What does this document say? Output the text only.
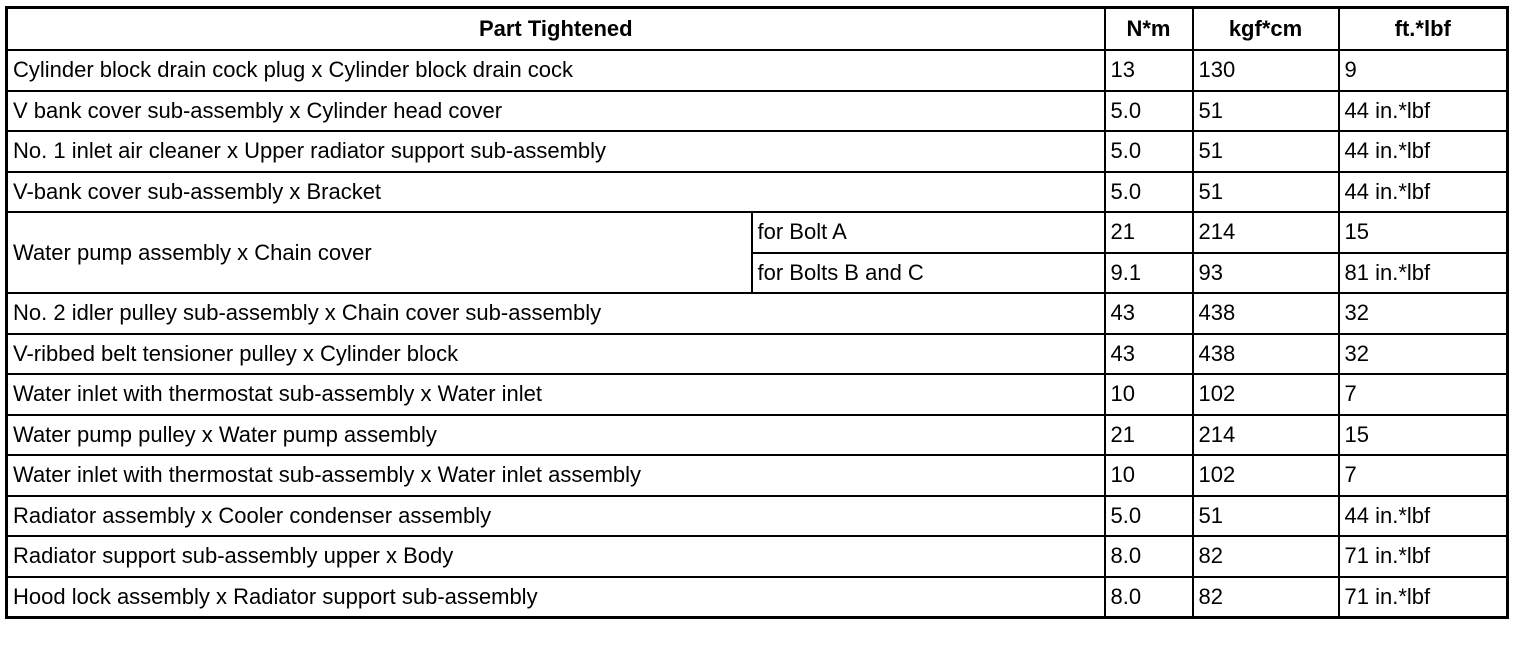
Part Tightened		N*m	kgf*cm	ft.*lbf
Cylinder block drain cock plug x Cylinder block drain cock		13	130	9
V bank cover sub-assembly x Cylinder head cover		5.0	51	44 in.*lbf
No. 1 inlet air cleaner x Upper radiator support sub-assembly		5.0	51	44 in.*lbf
V-bank cover sub-assembly x Bracket		5.0	51	44 in.*lbf
Water pump assembly x Chain cover	for Bolt A	21	214	15
	for Bolts B and C	9.1	93	81 in.*lbf
No. 2 idler pulley sub-assembly x Chain cover sub-assembly		43	438	32
V-ribbed belt tensioner pulley x Cylinder block		43	438	32
Water inlet with thermostat sub-assembly x Water inlet		10	102	7
Water pump pulley x Water pump assembly		21	214	15
Water inlet with thermostat sub-assembly x Water inlet assembly		10	102	7
Radiator assembly x Cooler condenser assembly		5.0	51	44 in.*lbf
Radiator support sub-assembly upper x Body		8.0	82	71 in.*lbf
Hood lock assembly x Radiator support sub-assembly		8.0	82	71 in.*lbf
